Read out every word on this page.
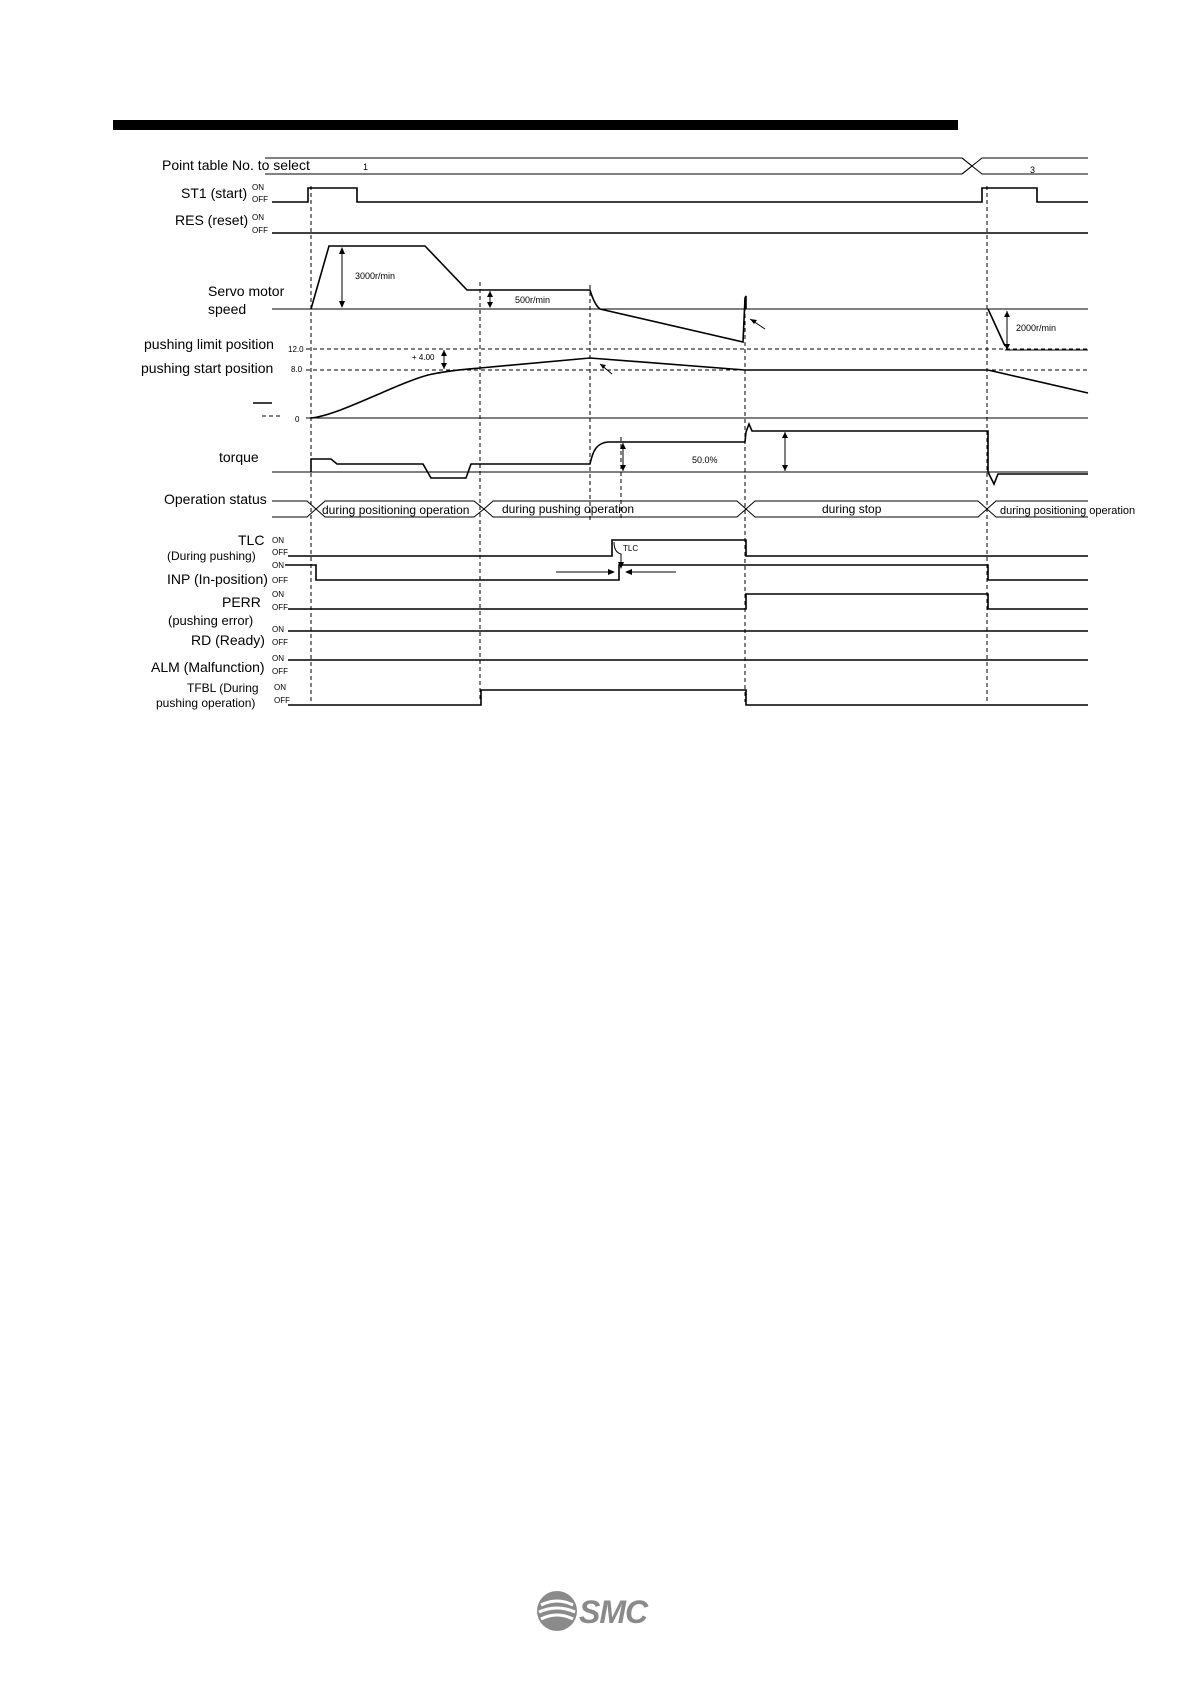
Point table No. to select	1	3
ST1 (start) ON
OFF
RES (reset) ON
OFF
Servo motor
speed
3000r/min
500r/min
2000r/min
pushing limit position
pushing start position
12.0
8.0
0
+ 4.00
torque	50.0%
Operation status
during positioning operation	during pushing operation	during stop	during positioning operation
TLC
(During pushing)
ON
OFF	TLC
INP (In-position)
ON
OFF
PERR
(pushing error)
ON
OFF
RD (Ready)
ON
OFF
ALM (Malfunction)
ON
OFF
TFBL (During
pushing operation)
ON
OFF
SMC
